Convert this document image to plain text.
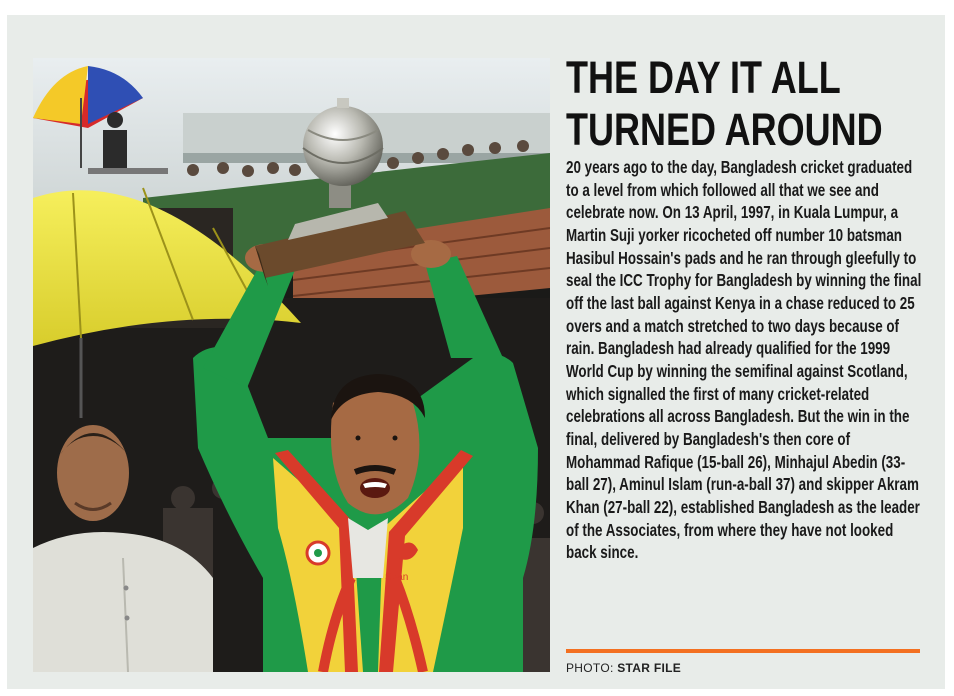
Siran
THE DAY IT ALL
TURNED AROUND

20 years ago to the day, Bangladesh cricket graduated to a level from which followed all that we see and celebrate now. On 13 April, 1997, in Kuala Lumpur, a Martin Suji yorker ricocheted off number 10 batsman Hasibul Hossain's pads and he ran through gleefully to seal the ICC Trophy for Bangladesh by winning the final off the last ball against Kenya in a chase reduced to 25 overs and a match stretched to two days because of rain. Bangladesh had already qualified for the 1999 World Cup by winning the semifinal against Scotland, which signalled the first of many cricket-related celebrations all across Bangladesh. But the win in the final, delivered by Bangladesh's then core of Mohammad Rafique (15-ball 26), Minhajul Abedin (33-ball 27), Aminul Islam (run-a-ball 37) and skipper Akram Khan (27-ball 22), established Bangladesh as the leader of the Associates, from where they have not looked back since.

PHOTO: STAR FILE
